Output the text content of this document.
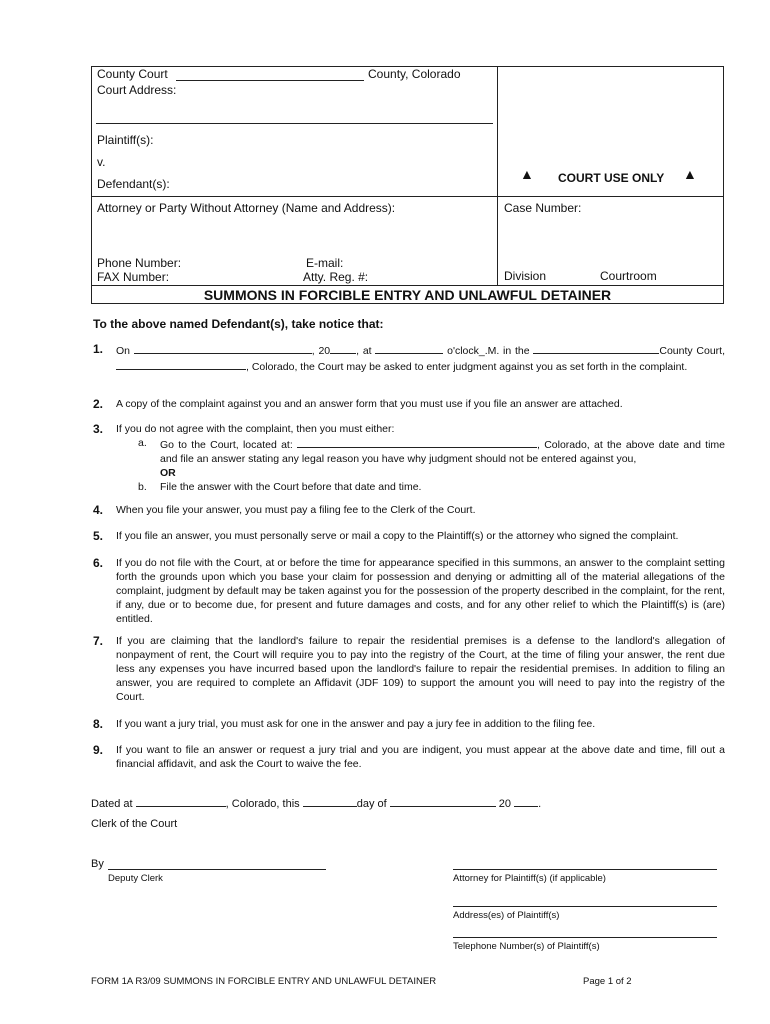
County Court	County, Colorado
Court Address:
Plaintiff(s):
v.
Defendant(s):
▲ COURT USE ONLY ▲
Attorney or Party Without Attorney (Name and Address):	Case Number:
Phone Number:	E-mail:
FAX Number:	Atty. Reg. #:	Division	Courtroom
SUMMONS IN FORCIBLE ENTRY AND UNLAWFUL DETAINER
To the above named Defendant(s), take notice that:
1. On	, 20 , at	o'clock_.M. in the	County Court, , Colorado, the Court may be asked to enter judgment against you as set forth in the complaint.
2. A copy of the complaint against you and an answer form that you must use if you file an answer are attached.
3. If you do not agree with the complaint, then you must either:
a. Go to the Court, located at:	, Colorado, at the above date and time and file an answer stating any legal reason you have why judgment should not be entered against you,
OR
b. File the answer with the Court before that date and time.
4. When you file your answer, you must pay a filing fee to the Clerk of the Court.
5. If you file an answer, you must personally serve or mail a copy to the Plaintiff(s) or the attorney who signed the complaint.
6. If you do not file with the Court, at or before the time for appearance specified in this summons, an answer to the complaint setting forth the grounds upon which you base your claim for possession and denying or admitting all of the material allegations of the complaint, judgment by default may be taken against you for the possession of the property described in the complaint, for the rent, if any, due or to become due, for present and future damages and costs, and for any other relief to which the Plaintiff(s) is (are) entitled.
7. If you are claiming that the landlord's failure to repair the residential premises is a defense to the landlord's allegation of nonpayment of rent, the Court will require you to pay into the registry of the Court, at the time of filing your answer, the rent due less any expenses you have incurred based upon the landlord's failure to repair the residential premises. In addition to filing an answer, you are required to complete an Affidavit (JDF 109) to support the amount you will need to pay into the registry of the Court.
8. If you want a jury trial, you must ask for one in the answer and pay a jury fee in addition to the filing fee.
9. If you want to file an answer or request a jury trial and you are indigent, you must appear at the above date and time, fill out a financial affidavit, and ask the Court to waive the fee.
Dated at	, Colorado, this	day of	20 .
Clerk of the Court
By
Deputy Clerk	Attorney for Plaintiff(s) (if applicable)
Address(es) of Plaintiff(s)
Telephone Number(s) of Plaintiff(s)
FORM 1A R3/09 SUMMONS IN FORCIBLE ENTRY AND UNLAWFUL DETAINER	Page 1 of 2
